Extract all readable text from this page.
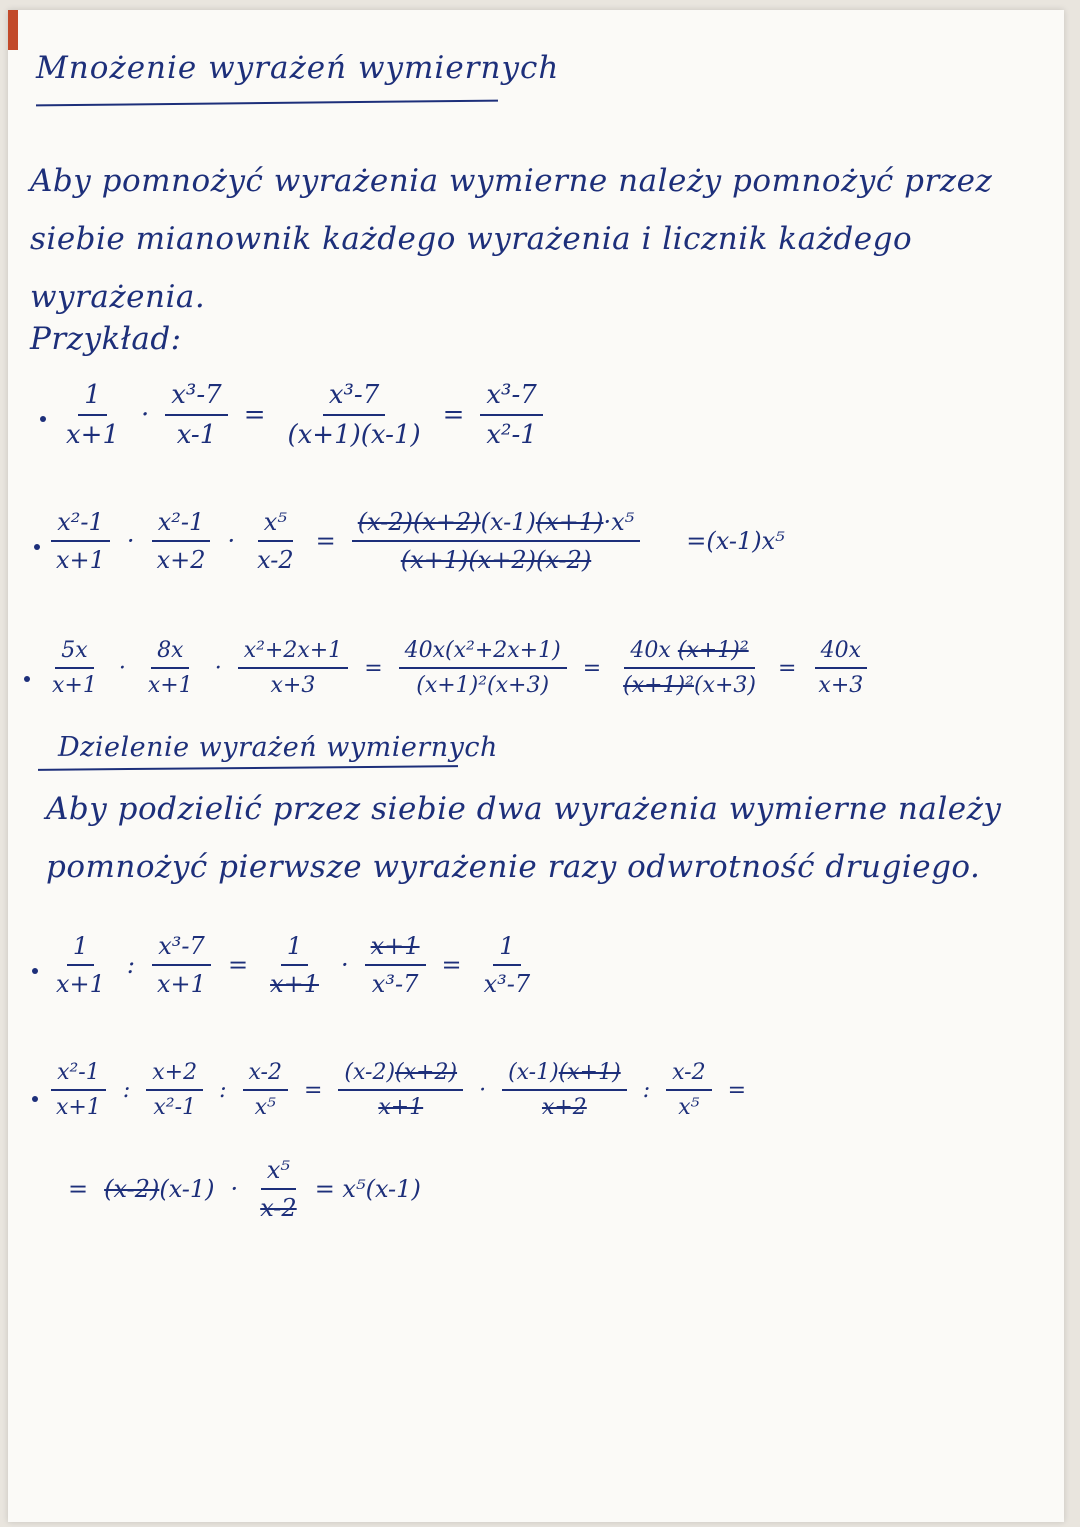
Mnożenie wyrażeń wymiernych
Aby pomnożyć wyrażenia wymierne należy pomnożyć przez siebie mianownik każdego wyrażenia i licznik każdego wyrażenia.
Przykład:
$\frac{1}{x+1} \cdot \frac{\text{x³-7}}{x-1} = \frac{\text{x³-7}}{(x+1)(x-1)} = \frac{\text{x³-7}}{\text{x²-1}}$
$\frac{\text{x²-1}}{x+1} \cdot \frac{\text{x²-1}}{x+2} \cdot \frac{\text{x⁵}}{x-2} = \frac{\text{(x-2)(x+2)(x-1)(x+1)·x⁵}}{(x+1)(x+2)(x-2)} =(x-1)x^5$
$\frac{5x}{x+1} \cdot \frac{8x}{x+1} \cdot \frac{\text{x²+2x+1}}{x+3} = \frac{\text{40x(x²+2x+1)}}{\text{(x+1)²(x+3)}} = \frac{\text{40x (x+1)²}}{\text{(x+1)²(x+3)}} = \frac{40x}{x+3}$
Dzielenie wyrażeń wymiernych
Aby podzielić przez siebie dwa wyrażenia wymierne należy pomnożyć pierwsze wyrażenie razy odwrotność drugiego.
$\frac{1}{x+1}$ : $\frac{\text{x³-7}}{x+1} = \frac{1}{x+1} \cdot \frac{x+1}{\text{x³-7}} = \frac{1}{\text{x³-7}}$
$\frac{\text{x²-1}}{x+1}$ : $\frac{x+2}{\text{x²-1}}$ : $\frac{x-2}{\text{x⁵}} = \frac{(x-2)(x+2)}{x+1} \cdot \frac{(x-1)(x+1)}{x+2}$ : $\frac{x-2}{\text{x⁵}}$ =
= $(x-2)(x-1) \cdot \frac{\text{x⁵}}{x-2} = x^5(x-1)$
